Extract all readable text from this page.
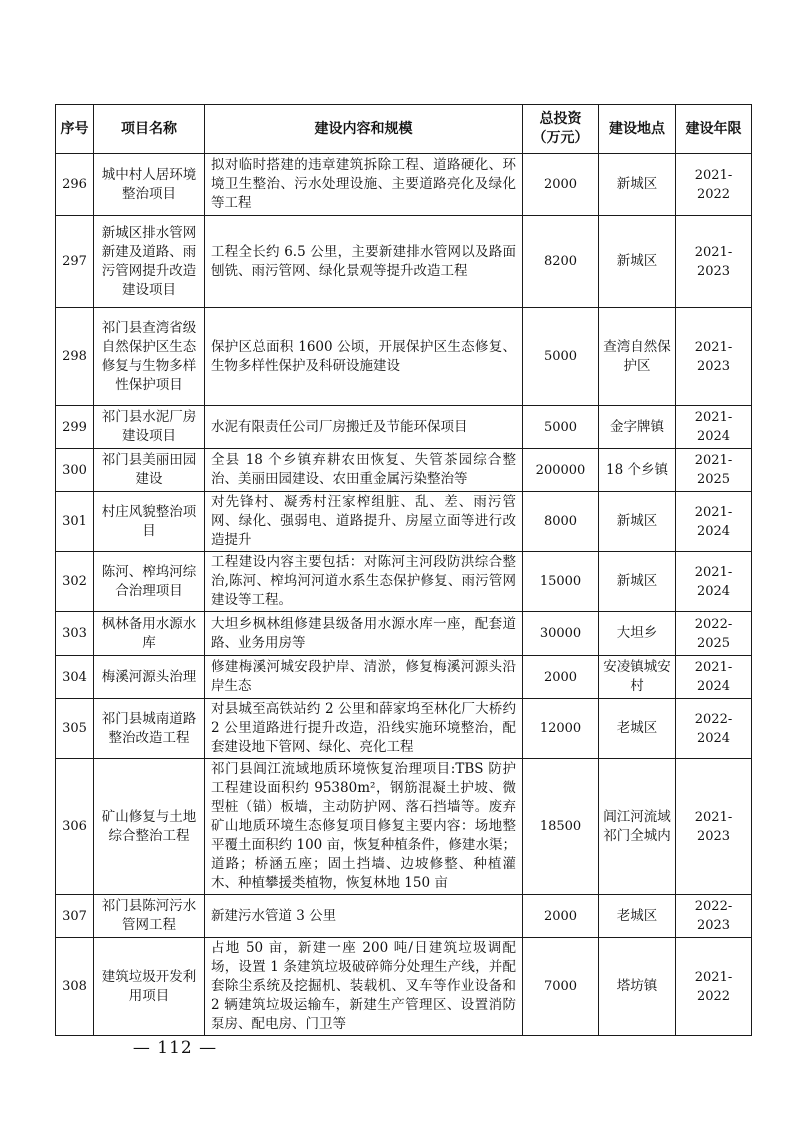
序号	项目名称	建设内容和规模	总投资（万元）	建设地点	建设年限
296	城中村人居环境整治项目	拟对临时搭建的违章建筑拆除工程、道路硬化、环境卫生整治、污水处理设施、主要道路亮化及绿化等工程	2000	新城区	2021-2022
297	新城区排水管网新建及道路、雨污管网提升改造建设项目	工程全长约 6.5 公里，主要新建排水管网以及路面刨铣、雨污管网、绿化景观等提升改造工程	8200	新城区	2021-2023
298	祁门县查湾省级自然保护区生态修复与生物多样性保护项目	保护区总面积 1600 公顷，开展保护区生态修复、生物多样性保护及科研设施建设	5000	查湾自然保护区	2021-2023
299	祁门县水泥厂房建设项目	水泥有限责任公司厂房搬迁及节能环保项目	5000	金字牌镇	2021-2024
300	祁门县美丽田园建设	全县 18 个乡镇弃耕农田恢复、失管茶园综合整治、美丽田园建设、农田重金属污染整治等	200000	18 个乡镇	2021-2025
301	村庄风貌整治项目	对先锋村、凝秀村汪家榨组脏、乱、差、雨污管网、绿化、强弱电、道路提升、房屋立面等进行改造提升	8000	新城区	2021-2024
302	陈河、榨坞河综合治理项目	工程建设内容主要包括：对陈河主河段防洪综合整治,陈河、榨坞河河道水系生态保护修复、雨污管网建设等工程。	15000	新城区	2021-2024
303	枫林备用水源水库	大坦乡枫林组修建县级备用水源水库一座，配套道路、业务用房等	30000	大坦乡	2022-2025
304	梅溪河源头治理	修建梅溪河城安段护岸、清淤，修复梅溪河源头沿岸生态	2000	安凌镇城安村	2021-2024
305	祁门县城南道路整治改造工程	对县城至高铁站约 2 公里和薛家坞至林化厂大桥约 2 公里道路进行提升改造，沿线实施环境整治，配套建设地下管网、绿化、亮化工程	12000	老城区	2022-2024
306	矿山修复与土地综合整治工程	祁门县阊江流域地质环境恢复治理项目:TBS 防护工程建设面积约 95380m²，钢筋混凝土护坡、微型桩（锚）板墙，主动防护网、落石挡墙等。废弃矿山地质环境生态修复项目修复主要内容：场地整平覆土面积约 100 亩，恢复种植条件，修建水渠；道路；桥涵五座；固土挡墙、边坡修整、种植灌木、种植攀援类植物，恢复林地 150 亩	18500	阊江河流域祁门全城内	2021-2023
307	祁门县陈河污水管网工程	新建污水管道 3 公里	2000	老城区	2022-2023
308	建筑垃圾开发利用项目	占地 50 亩，新建一座 200 吨/日建筑垃圾调配场，设置 1 条建筑垃圾破碎筛分处理生产线，并配套除尘系统及挖掘机、装载机、叉车等作业设备和 2 辆建筑垃圾运输车，新建生产管理区、设置消防泵房、配电房、门卫等	7000	塔坊镇	2021-2022
— 112 —
